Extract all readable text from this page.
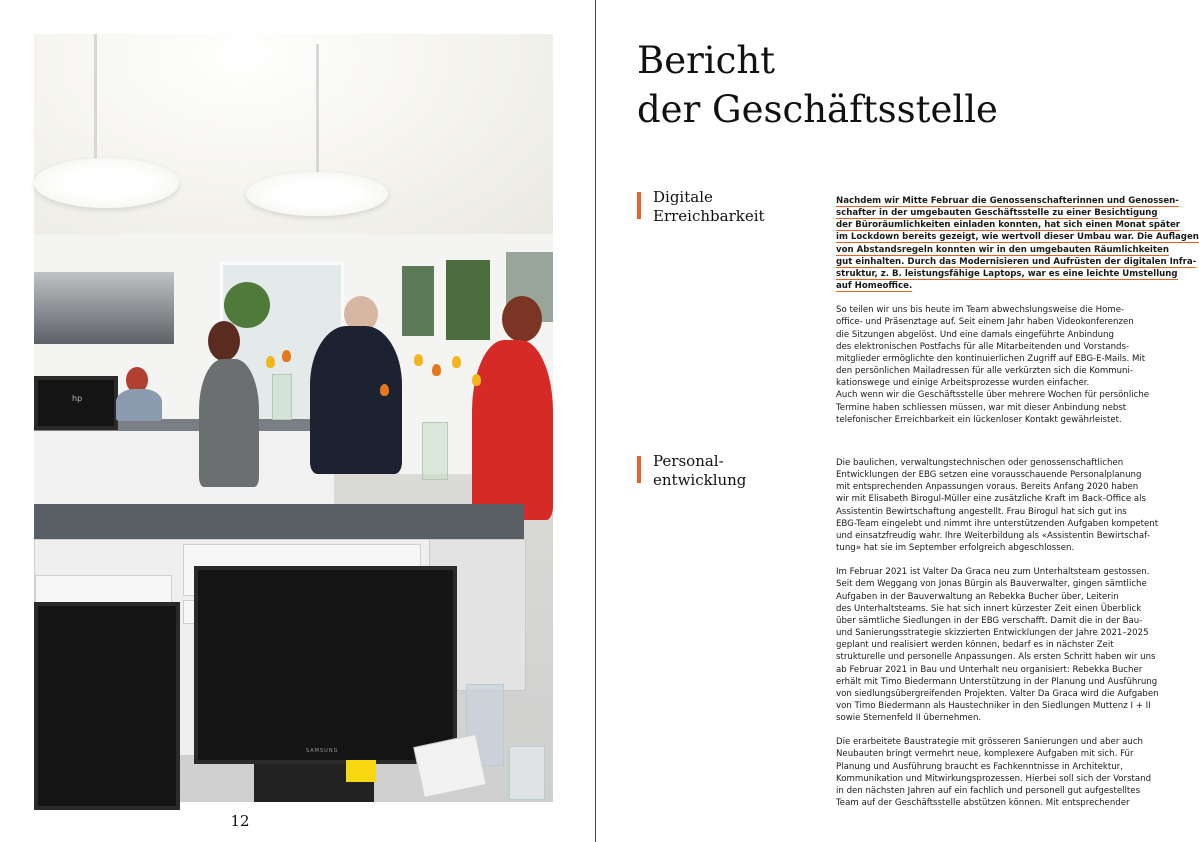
hp
SAMSUNG
12
Bericht
der Geschäftsstelle
Digitale
Erreichbarkeit

Nachdem wir Mitte Februar die Genossenschafterinnen und Genossen-
schafter in der umgebauten Geschäftsstelle zu einer Besichtigung
der Büroräumlichkeiten einladen konnten, hat sich einen Monat später
im Lockdown bereits gezeigt, wie wertvoll dieser Umbau war. Die Auflagen
von Abstandsregeln konnten wir in den umgebauten Räumlichkeiten
gut einhalten. Durch das Modernisieren und Aufrüsten der digitalen Infra-
struktur, z. B. leistungsfähige Laptops, war es eine leichte Umstellung
auf Homeoffice.

So teilen wir uns bis heute im Team abwechslungsweise die Home-
office- und Präsenztage auf. Seit einem Jahr haben Videokonferenzen
die Sitzungen abgelöst. Und eine damals eingeführte Anbindung
des elektronischen Postfachs für alle Mitarbeitenden und Vorstands-
mitglieder ermöglichte den kontinuierlichen Zugriff auf EBG-E-Mails. Mit
den persönlichen Mailadressen für alle verkürzten sich die Kommuni-
kationswege und einige Arbeitsprozesse wurden einfacher.
Auch wenn wir die Geschäftsstelle über mehrere Wochen für persönliche
Termine haben schliessen müssen, war mit dieser Anbindung nebst
telefonischer Erreichbarkeit ein lückenloser Kontakt gewährleistet.

Personal-
entwicklung

Die baulichen, verwaltungstechnischen oder genossenschaftlichen
Entwicklungen der EBG setzen eine vorausschauende Personalplanung
mit entsprechenden Anpassungen voraus. Bereits Anfang 2020 haben
wir mit Elisabeth Birogul-Müller eine zusätzliche Kraft im Back-Office als
Assistentin Bewirtschaftung angestellt. Frau Birogul hat sich gut ins
EBG-Team eingelebt und nimmt ihre unterstützenden Aufgaben kompetent
und einsatzfreudig wahr. Ihre Weiterbildung als «Assistentin Bewirtschaf-
tung» hat sie im September erfolgreich abgeschlossen.

Im Februar 2021 ist Valter Da Graca neu zum Unterhaltsteam gestossen.
Seit dem Weggang von Jonas Bürgin als Bauverwalter, gingen sämtliche
Aufgaben in der Bauverwaltung an Rebekka Bucher über, Leiterin
des Unterhaltsteams. Sie hat sich innert kürzester Zeit einen Überblick
über sämtliche Siedlungen in der EBG verschafft. Damit die in der Bau-
und Sanierungsstrategie skizzierten Entwicklungen der Jahre 2021–2025
geplant und realisiert werden können, bedarf es in nächster Zeit
strukturelle und personelle Anpassungen. Als ersten Schritt haben wir uns
ab Februar 2021 in Bau und Unterhalt neu organisiert: Rebekka Bucher
erhält mit Timo Biedermann Unterstützung in der Planung und Ausführung
von siedlungsübergreifenden Projekten. Valter Da Graca wird die Aufgaben
von Timo Biedermann als Haustechniker in den Siedlungen Muttenz I + II
sowie Sternenfeld II übernehmen.

Die erarbeitete Baustrategie mit grösseren Sanierungen und aber auch
Neubauten bringt vermehrt neue, komplexere Aufgaben mit sich. Für
Planung und Ausführung braucht es Fachkenntnisse in Architektur,
Kommunikation und Mitwirkungsprozessen. Hierbei soll sich der Vorstand
in den nächsten Jahren auf ein fachlich und personell gut aufgestelltes
Team auf der Geschäftsstelle abstützen können. Mit entsprechender
